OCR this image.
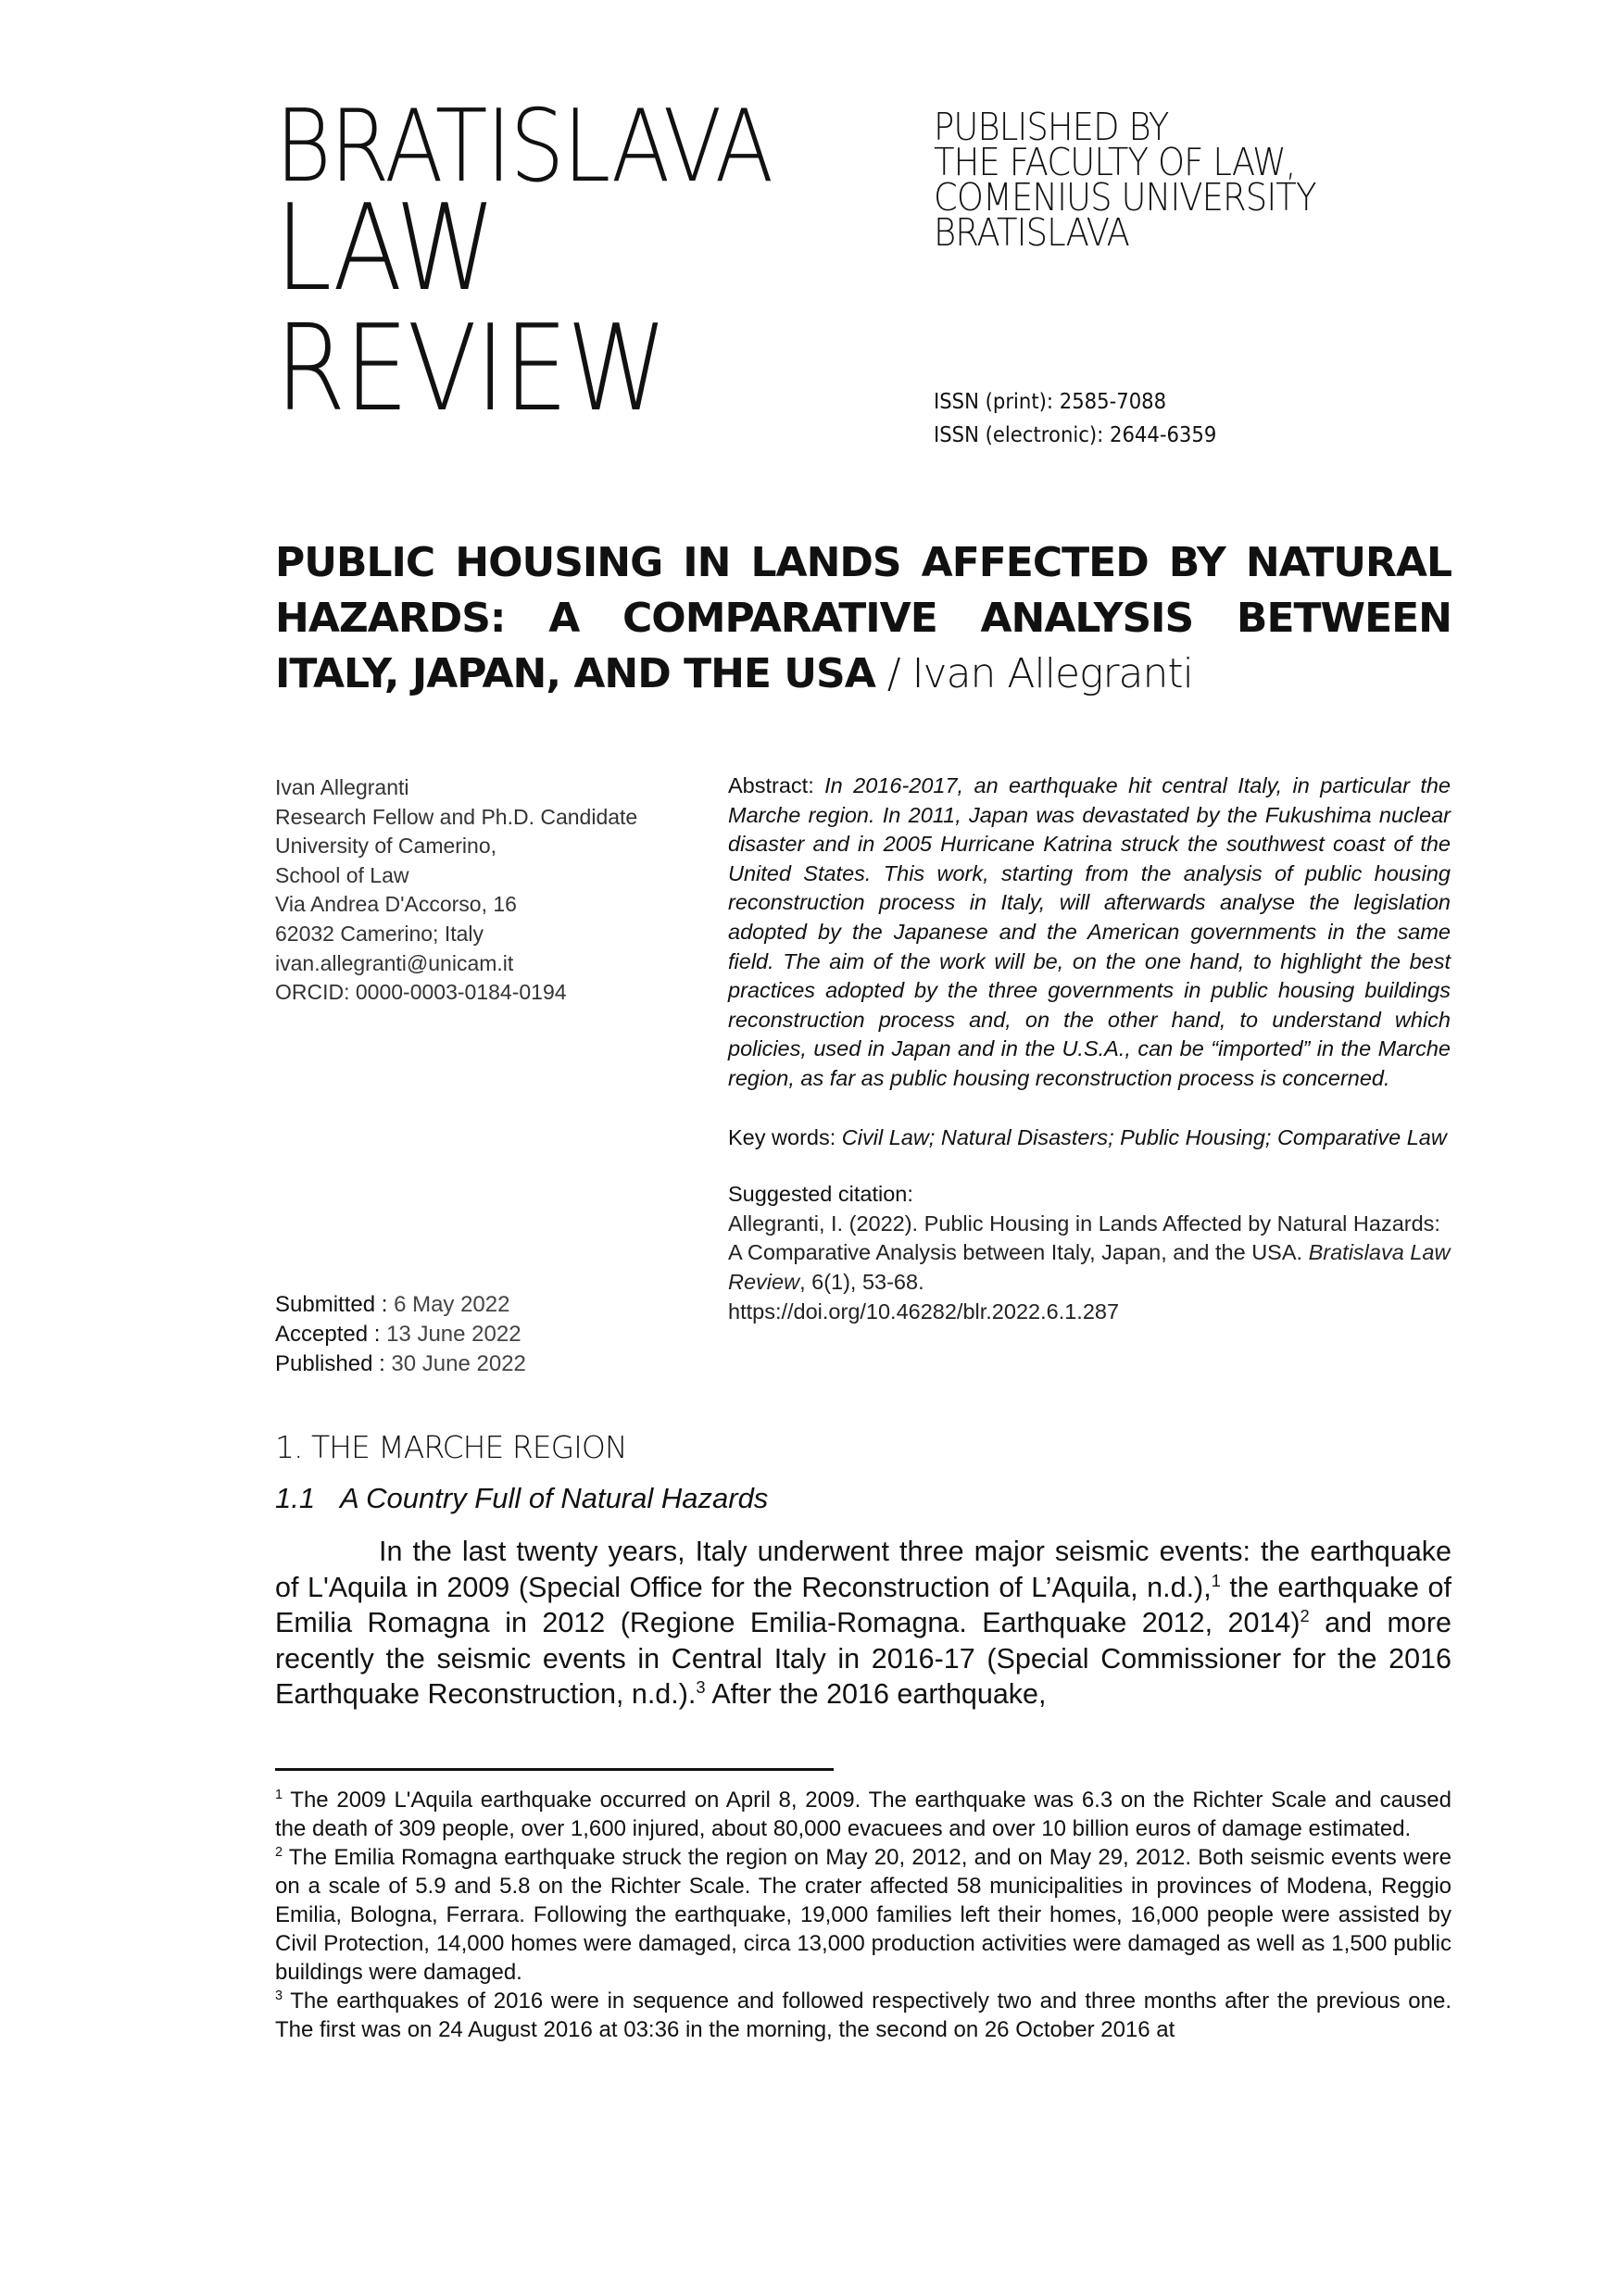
BRATISLAVA
LAW
REVIEW
PUBLISHED BY
THE FACULTY OF LAW,
COMENIUS UNIVERSITY
BRATISLAVA
ISSN (print): 2585-7088
ISSN (electronic): 2644-6359
PUBLIC HOUSING IN LANDS AFFECTED BY NATURAL HAZARDS: A COMPARATIVE ANALYSIS BETWEEN ITALY, JAPAN, AND THE USA / Ivan Allegranti
Ivan Allegranti
Research Fellow and Ph.D. Candidate
University of Camerino,
School of Law
Via Andrea D'Accorso, 16
62032 Camerino; Italy
ivan.allegranti@unicam.it
ORCID: 0000-0003-0184-0194
Submitted : 6 May 2022
Accepted : 13 June 2022
Published : 30 June 2022
Abstract: In 2016-2017, an earthquake hit central Italy, in particular the Marche region. In 2011, Japan was devastated by the Fukushima nuclear disaster and in 2005 Hurricane Katrina struck the southwest coast of the United States. This work, starting from the analysis of public housing reconstruction process in Italy, will afterwards analyse the legislation adopted by the Japanese and the American governments in the same field. The aim of the work will be, on the one hand, to highlight the best practices adopted by the three governments in public housing buildings reconstruction process and, on the other hand, to understand which policies, used in Japan and in the U.S.A., can be “imported” in the Marche region, as far as public housing reconstruction process is concerned.
Key words: Civil Law; Natural Disasters; Public Housing; Comparative Law
Suggested citation:
Allegranti, I. (2022). Public Housing in Lands Affected by Natural Hazards: A Comparative Analysis between Italy, Japan, and the USA. Bratislava Law Review, 6(1), 53-68.
https://doi.org/10.46282/blr.2022.6.1.287
1. THE MARCHE REGION
1.1 A Country Full of Natural Hazards
In the last twenty years, Italy underwent three major seismic events: the earthquake of L'Aquila in 2009 (Special Office for the Reconstruction of L’Aquila, n.d.),$^1$ the earthquake of Emilia Romagna in 2012 (Regione Emilia-Romagna. Earthquake 2012, 2014)$^2$ and more recently the seismic events in Central Italy in 2016-17 (Special Commissioner for the 2016 Earthquake Reconstruction, n.d.).$^3$ After the 2016 earthquake,
$^1$ The 2009 L'Aquila earthquake occurred on April 8, 2009. The earthquake was 6.3 on the Richter Scale and caused the death of 309 people, over 1,600 injured, about 80,000 evacuees and over 10 billion euros of damage estimated.
$^2$ The Emilia Romagna earthquake struck the region on May 20, 2012, and on May 29, 2012. Both seismic events were on a scale of 5.9 and 5.8 on the Richter Scale. The crater affected 58 municipalities in provinces of Modena, Reggio Emilia, Bologna, Ferrara. Following the earthquake, 19,000 families left their homes, 16,000 people were assisted by Civil Protection, 14,000 homes were damaged, circa 13,000 production activities were damaged as well as 1,500 public buildings were damaged.
$^3$ The earthquakes of 2016 were in sequence and followed respectively two and three months after the previous one. The first was on 24 August 2016 at 03:36 in the morning, the second on 26 October 2016 at
